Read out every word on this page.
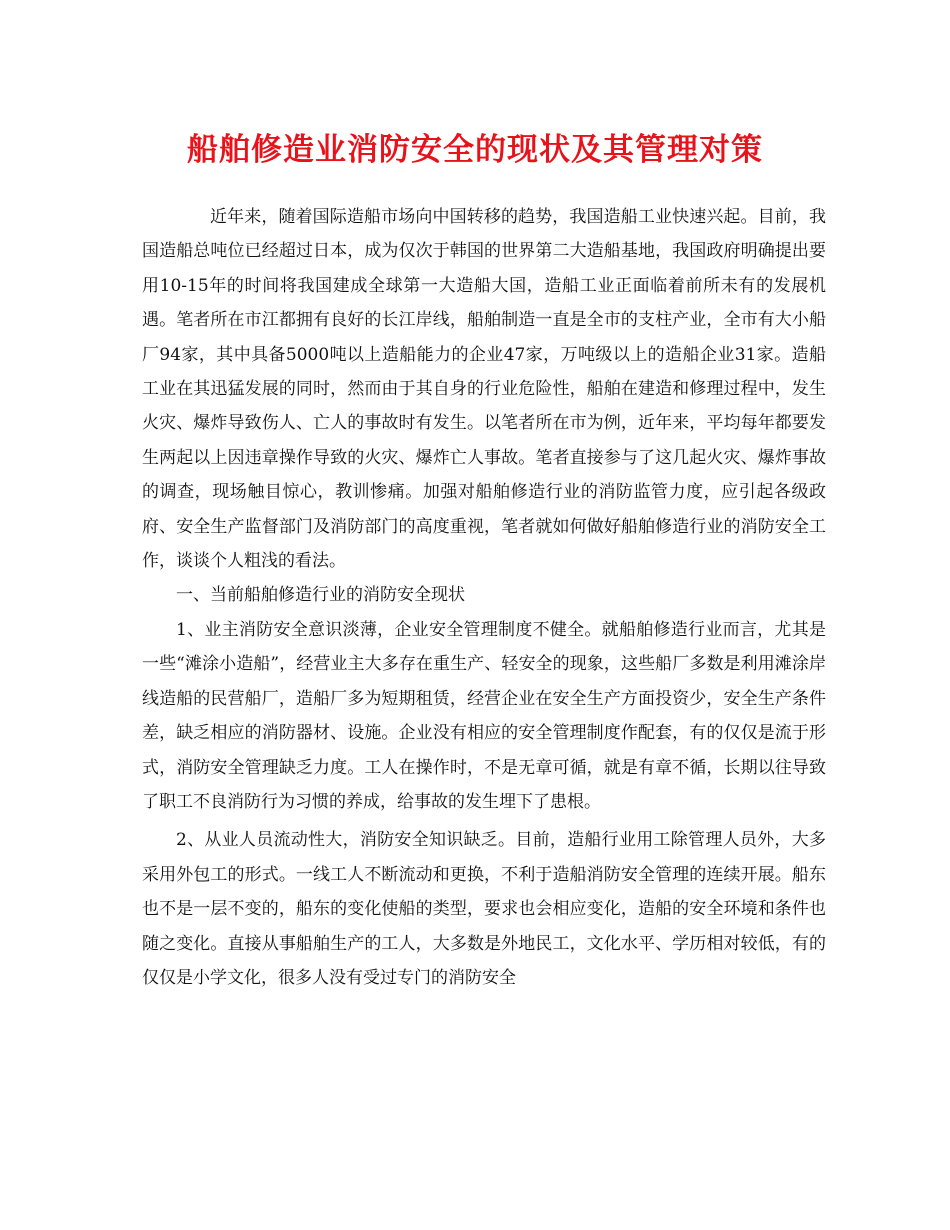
船舶修造业消防安全的现状及其管理对策

近年来，随着国际造船市场向中国转移的趋势，我国造船工业快速兴起。目前，我国造船总吨位已经超过日本，成为仅次于韩国的世界第二大造船基地，我国政府明确提出要用10-15年的时间将我国建成全球第一大造船大国，造船工业正面临着前所未有的发展机遇。笔者所在市江都拥有良好的长江岸线，船舶制造一直是全市的支柱产业，全市有大小船厂94家，其中具备5000吨以上造船能力的企业47家，万吨级以上的造船企业31家。造船工业在其迅猛发展的同时，然而由于其自身的行业危险性，船舶在建造和修理过程中，发生火灾、爆炸导致伤人、亡人的事故时有发生。以笔者所在市为例，近年来，平均每年都要发生两起以上因违章操作导致的火灾、爆炸亡人事故。笔者直接参与了这几起火灾、爆炸事故的调查，现场触目惊心，教训惨痛。加强对船舶修造行业的消防监管力度，应引起各级政府、安全生产监督部门及消防部门的高度重视，笔者就如何做好船舶修造行业的消防安全工作，谈谈个人粗浅的看法。

一、当前船舶修造行业的消防安全现状

1、业主消防安全意识淡薄，企业安全管理制度不健全。就船舶修造行业而言，尤其是一些“滩涂小造船”，经营业主大多存在重生产、轻安全的现象，这些船厂多数是利用滩涂岸线造船的民营船厂，造船厂多为短期租赁，经营企业在安全生产方面投资少，安全生产条件差，缺乏相应的消防器材、设施。企业没有相应的安全管理制度作配套，有的仅仅是流于形式，消防安全管理缺乏力度。工人在操作时，不是无章可循，就是有章不循，长期以往导致了职工不良消防行为习惯的养成，给事故的发生埋下了患根。

2、从业人员流动性大，消防安全知识缺乏。目前，造船行业用工除管理人员外，大多采用外包工的形式。一线工人不断流动和更换，不利于造船消防安全管理的连续开展。船东也不是一层不变的，船东的变化使船的类型，要求也会相应变化，造船的安全环境和条件也随之变化。直接从事船舶生产的工人，大多数是外地民工，文化水平、学历相对较低，有的仅仅是小学文化，很多人没有受过专门的消防安全
